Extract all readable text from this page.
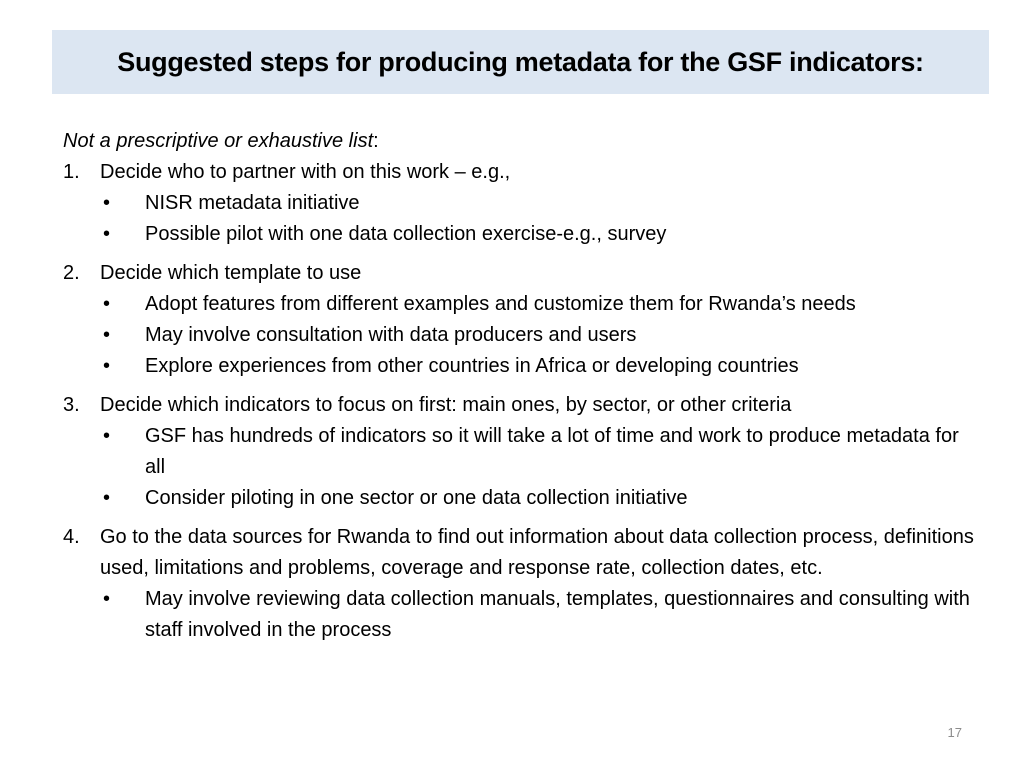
Suggested steps for producing metadata for the GSF indicators:

Not a prescriptive or exhaustive list:

1. Decide who to partner with on this work – e.g.,
• NISR metadata initiative
• Possible pilot with one data collection exercise-e.g., survey
2. Decide which template to use
• Adopt features from different examples and customize them for Rwanda’s needs
• May involve consultation with data producers and users
• Explore experiences from other countries in Africa or developing countries
3. Decide which indicators to focus on first: main ones, by sector, or other criteria
• GSF has hundreds of indicators so it will take a lot of time and work to produce metadata for all
• Consider piloting in one sector or one data collection initiative
4. Go to the data sources for Rwanda to find out information about data collection process, definitions used, limitations and problems, coverage and response rate, collection dates, etc.
• May involve reviewing data collection manuals, templates, questionnaires and consulting with staff involved in the process
17
